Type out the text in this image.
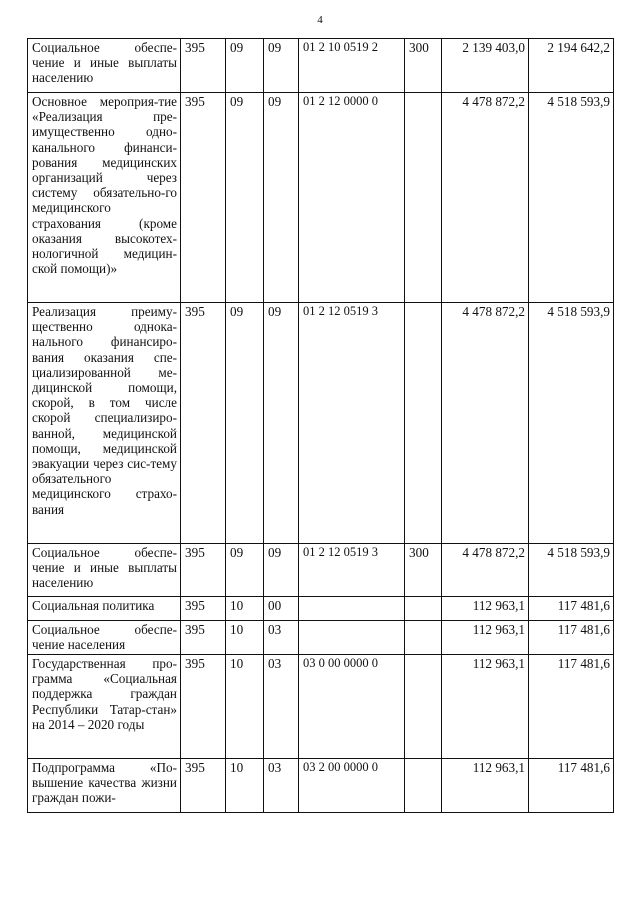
4
Социальное обеспе-чение и иные выплаты населению	395	09	09	01 2 10 0519 2	300	2 139 403,0	2 194 642,2
Основное мероприя-тие «Реализация пре-имущественно одно-канального финанси-рования медицинских организаций через систему обязательно-го медицинского страхования (кроме оказания высокотех-нологичной медицин-ской помощи)»	395	09	09	01 2 12 0000 0		4 478 872,2	4 518 593,9
Реализация преиму-щественно однока-нального финансиро-вания оказания спе-циализированной ме-дицинской помощи, скорой, в том числе скорой специализиро-ванной, медицинской помощи, медицинской эвакуации через сис-тему обязательного медицинского страхо-вания	395	09	09	01 2 12 0519 3		4 478 872,2	4 518 593,9
Социальное обеспе-чение и иные выплаты населению	395	09	09	01 2 12 0519 3	300	4 478 872,2	4 518 593,9
Социальная политика	395	10	00			112 963,1	117 481,6
Социальное обеспе-чение населения	395	10	03			112 963,1	117 481,6
Государственная про-грамма «Социальная поддержка граждан Республики Татар-стан» на 2014 – 2020 годы	395	10	03	03 0 00 0000 0		112 963,1	117 481,6
Подпрограмма «По-вышение качества жизни граждан пожи-	395	10	03	03 2 00 0000 0		112 963,1	117 481,6
